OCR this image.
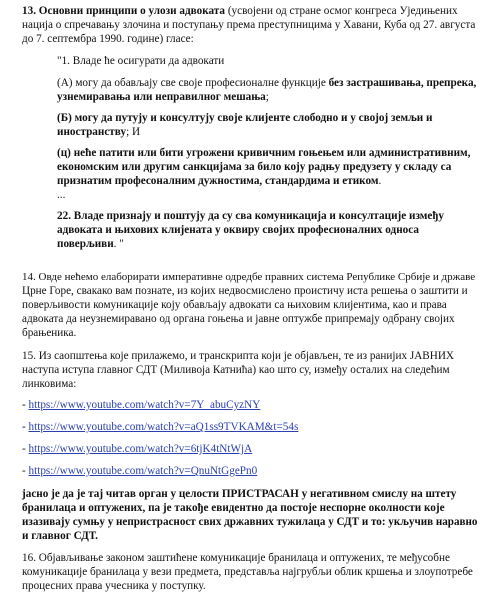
13. Основни принципи о улози адвоката (усвојени од стране осмог конгреса Уједињених
нација о спречавању злочина и поступању према преступницима у Хавани, Куба од 27. августа
до 7. септембра 1990. године) гласе:
"1. Владе ће осигурати да адвокати
(А) могу да обављају све своје професионалне функције без застрашивања, препрека,
узнемиравања или неправилног мешања;
(Б) могу да путују и консултују своје клијенте слободно и у својој земљи и
иностранству; И
(ц) неће патити или бити угрожени кривичним гоњењем или административним,
економским или другим санкцијама за било коју радњу предузету у складу са
признатим професоналним дужностима, стандардима и етиком.
...
22. Владе признају и поштују да су сва комуникација и консултације између
адвоката и њихових клијената у оквиру својих професионалних односа
поверљиви. "
14. Овде нећемо елаборирати императивне одредбе правних система Републике Србије и државе
Црне Горе, свакако вам познате, из којих недвосмислено проистичу иста решења о заштити и
поверљивости комуникације коју обављају адвокати са њиховим клијентима, као и права
адвоката да неузнемиравано од органа гоњења и јавне оптужбе припремају одбрану својих
брањеника.
15. Из саопштења које прилажемо, и транскрипта који је објављен, те из ранијих ЈАВНИХ
наступа иступа главног СДТ (Миливоја Катнића) као што су, између осталих на следећим
линковима:
- https://www.youtube.com/watch?v=7Y_abuCyzNY
- https://www.youtube.com/watch?v=aQ1ss9TVKAM&t=54s
- https://www.youtube.com/watch?v=6tjK4tNtWjA
- https://www.youtube.com/watch?v=QnuNtGgePn0
јасно је да је тај читав орган у целости ПРИСТРАСАН у негативном смислу на штету
бранилаца и оптужених, па је такође евидентно да постоје неспорне околности које
изазивају сумњу у непристрасност свих државних тужилаца у СДТ и то: укључив наравно
и главног СДТ.
16. Објављивање законом заштићене комуникације бранилаца и оптужених, те међусобне
комуникације бранилаца у вези предмета, представља најгрубљи облик кршења и злоупотребе
процесних права учесника у поступку.
